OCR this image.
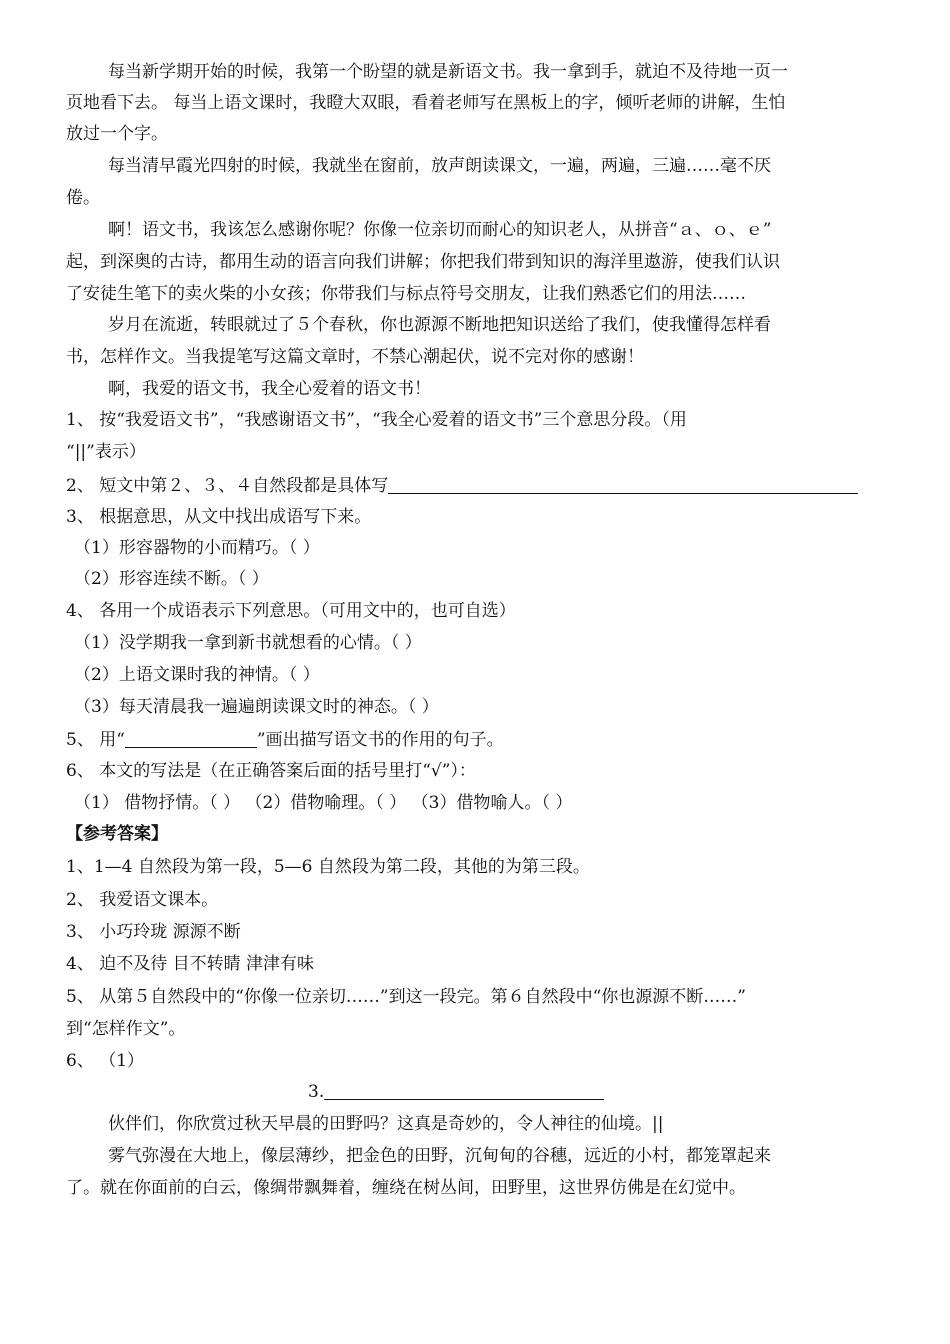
每当新学期开始的时候，我第一个盼望的就是新语文书。我一拿到手，就迫不及待地一页一
页地看下去。 每当上语文课时，我瞪大双眼，看着老师写在黑板上的字，倾听老师的讲解，生怕
放过一个字。
每当清早霞光四射的时候，我就坐在窗前，放声朗读课文，一遍，两遍，三遍……毫不厌
倦。
啊！语文书，我该怎么感谢你呢？你像一位亲切而耐心的知识老人，从拼音“ａ、ｏ、ｅ”
起，到深奥的古诗，都用生动的语言向我们讲解；你把我们带到知识的海洋里遨游，使我们认识
了安徒生笔下的卖火柴的小女孩；你带我们与标点符号交朋友，让我们熟悉它们的用法……
岁月在流逝，转眼就过了５个春秋，你也源源不断地把知识送给了我们，使我懂得怎样看
书，怎样作文。当我提笔写这篇文章时，不禁心潮起伏，说不完对你的感谢！
啊，我爱的语文书，我全心爱着的语文书！
1、 按“我爱语文书”，“我感谢语文书”，“我全心爱着的语文书”三个意思分段。（用
“||”表示）
2、 短文中第２、３、４自然段都是具体写
3、 根据意思，从文中找出成语写下来。
（1）形容器物的小而精巧。（ ）
（2）形容连续不断。（ ）
4、 各用一个成语表示下列意思。（可用文中的，也可自选）
（1）没学期我一拿到新书就想看的心情。（ ）
（2）上语文课时我的神情。（ ）
（3）每天清晨我一遍遍朗读课文时的神态。（ ）
5、 用“	”画出描写语文书的作用的句子。
6、 本文的写法是（在正确答案后面的括号里打“√”）：
（1） 借物抒情。（ ） （2）借物喻理。（ ） （3）借物喻人。（ ）
【参考答案】
1、1—4 自然段为第一段，5—6 自然段为第二段，其他的为第三段。
2、 我爱语文课本。
3、 小巧玲珑 源源不断
4、 迫不及待 目不转睛 津津有味
5、 从第５自然段中的“你像一位亲切……”到这一段完。第６自然段中“你也源源不断……”
到“怎样作文”。
6、 （1）
3.
伙伴们，你欣赏过秋天早晨的田野吗？这真是奇妙的，令人神往的仙境。||
雾气弥漫在大地上，像层薄纱，把金色的田野，沉甸甸的谷穗，远近的小村，都笼罩起来
了。就在你面前的白云，像绸带飘舞着，缠绕在树丛间，田野里，这世界仿佛是在幻觉中。
